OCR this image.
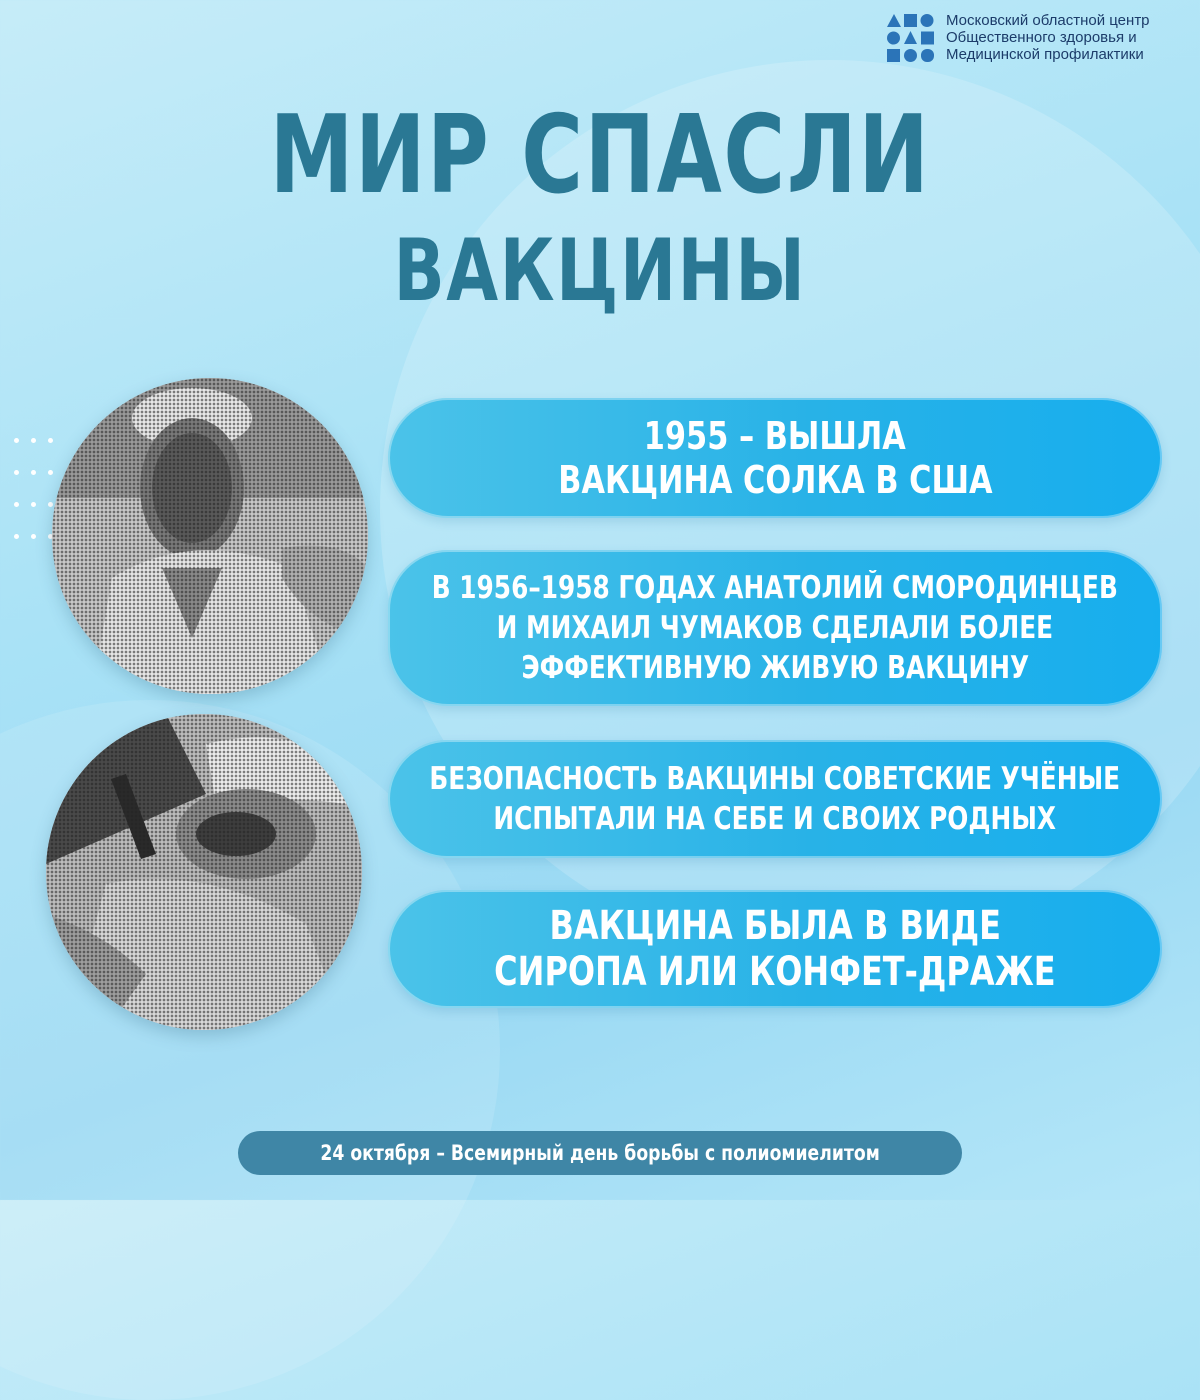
Московский областной центр
Общественного здоровья и
Медицинской профилактики
МИР СПАСЛИ
ВАКЦИНЫ
1955 – ВЫШЛА
ВАКЦИНА СОЛКА В США
В 1956–1958 ГОДАХ АНАТОЛИЙ СМОРОДИНЦЕВ
И МИХАИЛ ЧУМАКОВ СДЕЛАЛИ БОЛЕЕ
ЭФФЕКТИВНУЮ ЖИВУЮ ВАКЦИНУ
БЕЗОПАСНОСТЬ ВАКЦИНЫ СОВЕТСКИЕ УЧЁНЫЕ
ИСПЫТАЛИ НА СЕБЕ И СВОИХ РОДНЫХ
ВАКЦИНА БЫЛА В ВИДЕ
СИРОПА ИЛИ КОНФЕТ-ДРАЖЕ
24 октября – Всемирный день борьбы с полиомиелитом
